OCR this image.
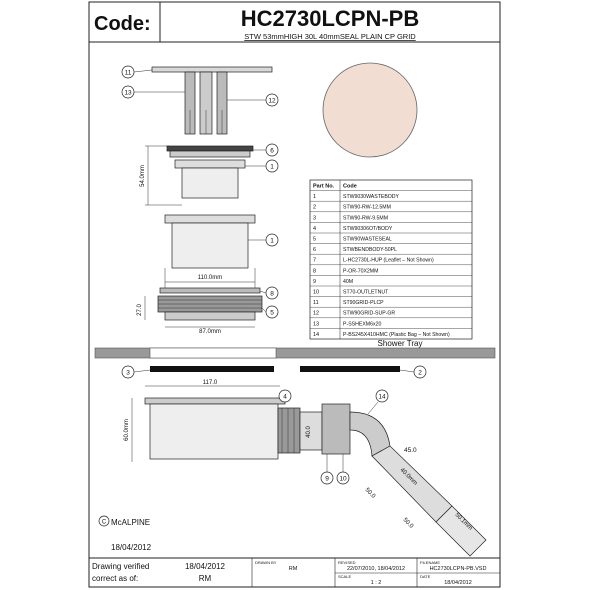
Code:	HC2730LCPN-PB
STW 53mmHIGH 30L 40mmSEAL PLAIN CP GRID
11
13
12
54.0mm
6
1
110.0mm
1
27.0
87.0mm
8
5
Part No. Code
1	STW9030WASTEBODY
2	STW90-RW-12.5MM
3	STW90-RW-9.5MM
4	STW90306OT/BODY
5	STW90WASTESEAL
6	STWBENDBODY-50PL
7	L-HC2730L-HUP (Leaflet – Not Shown)
8	P-OR-70X2MM
9	40M
10	ST70-OUTLETNUT
11	ST90GRID-PLCP
12	STW90GRID-SUP-GR
13	P-SSHEXM6x20
14	P-BS245X410HMC (Plastic Bag – Not Shown)
Shower Tray
3	2
117.0
60.0mm	40.0
45.0
40.0mm
50.0
50.0	50.1mm
4	14
9 10
C McALPINE
18/04/2012
Drawing verified
correct as of:
18/04/2012
RM
DRAWN BY
RM
REVISED
22/07/2010, 18/04/2012
FILENAME
HC2730LCPN-PB.VSD
SCALE
1 : 2
DATE
18/04/2012
